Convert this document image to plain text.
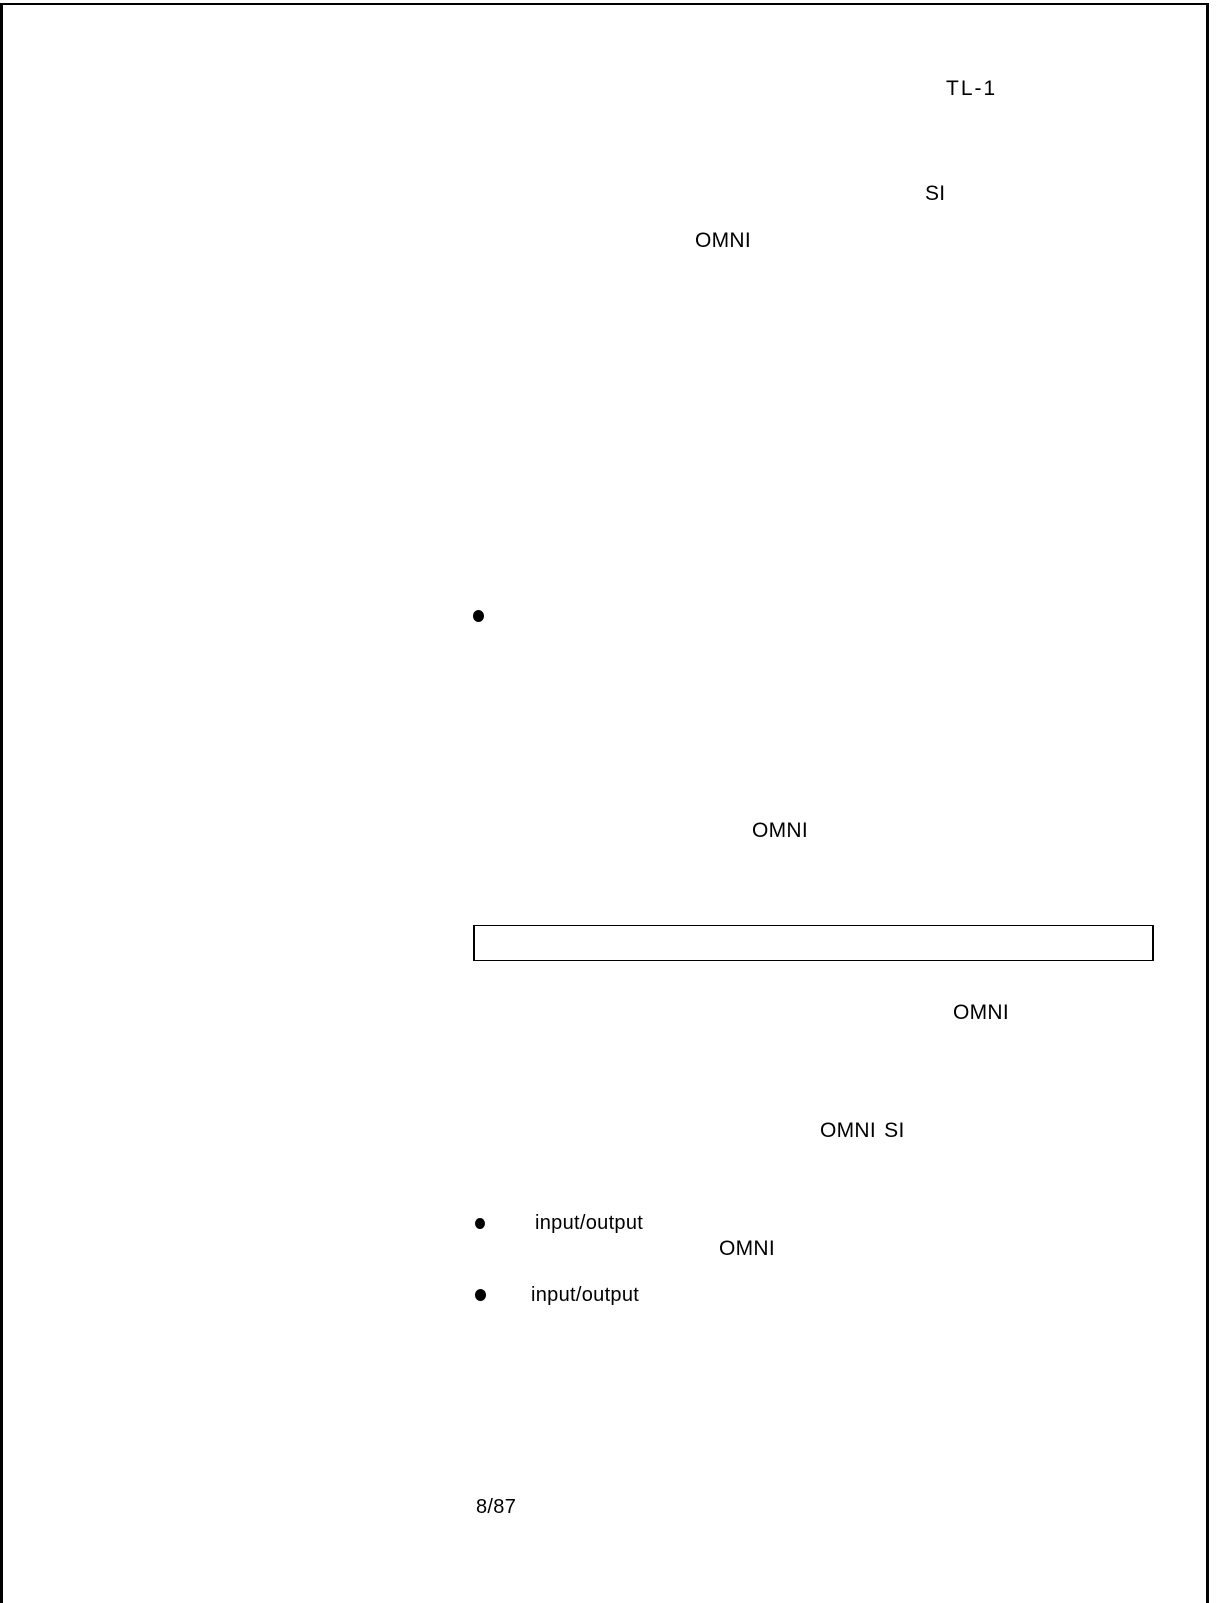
TL-1
SI
OMNI
OMNI
OMNI
OMNI SI
input/output
OMNI
input/output
8/87
